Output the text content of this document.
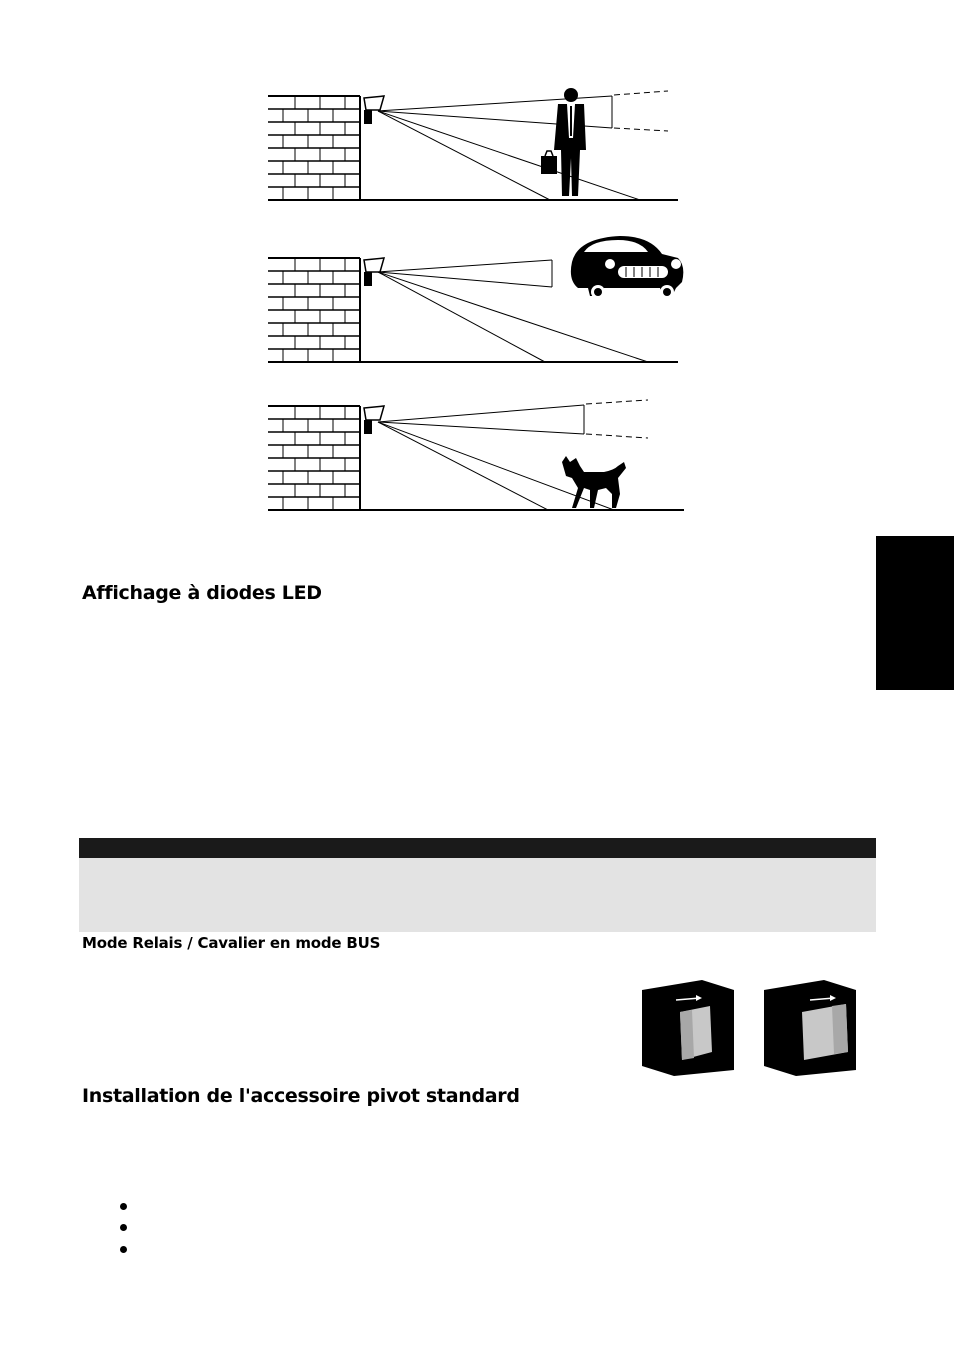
Affichage à diodes LED
Mode Relais / Cavalier en mode BUS
Installation de l'accessoire pivot standard
